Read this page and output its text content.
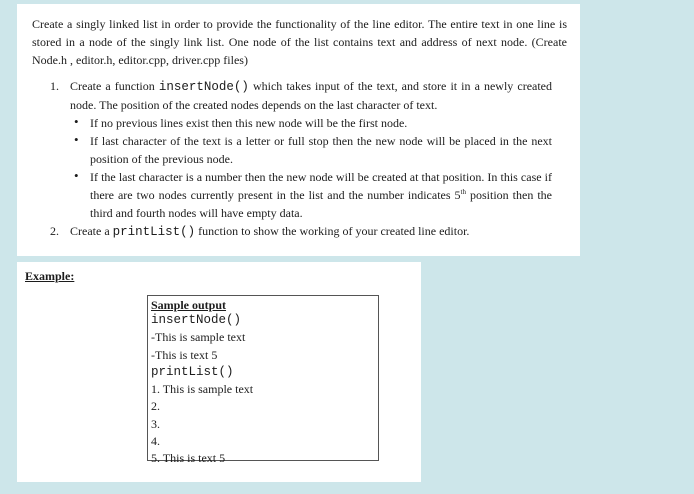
Create a singly linked list in order to provide the functionality of the line editor. The entire text in one line is stored in a node of the singly link list. One node of the list contains text and address of next node. (Create Node.h , editor.h, editor.cpp, driver.cpp files)

1. Create a function insertNode() which takes input of the text, and store it in a newly created node. The position of the created nodes depends on the last character of text.
• If no previous lines exist then this new node will be the first node.
• If last character of the text is a letter or full stop then the new node will be placed in the next position of the previous node.
• If the last character is a number then the new node will be created at that position. In this case if there are two nodes currently present in the list and the number indicates 5th position then the third and fourth nodes will have empty data.
2. Create a printList() function to show the working of your created line editor.
Example:
Sample output
insertNode()
-This is sample text
-This is text 5
printList()
1. This is sample text
2.
3.
4.
5. This is text 5
